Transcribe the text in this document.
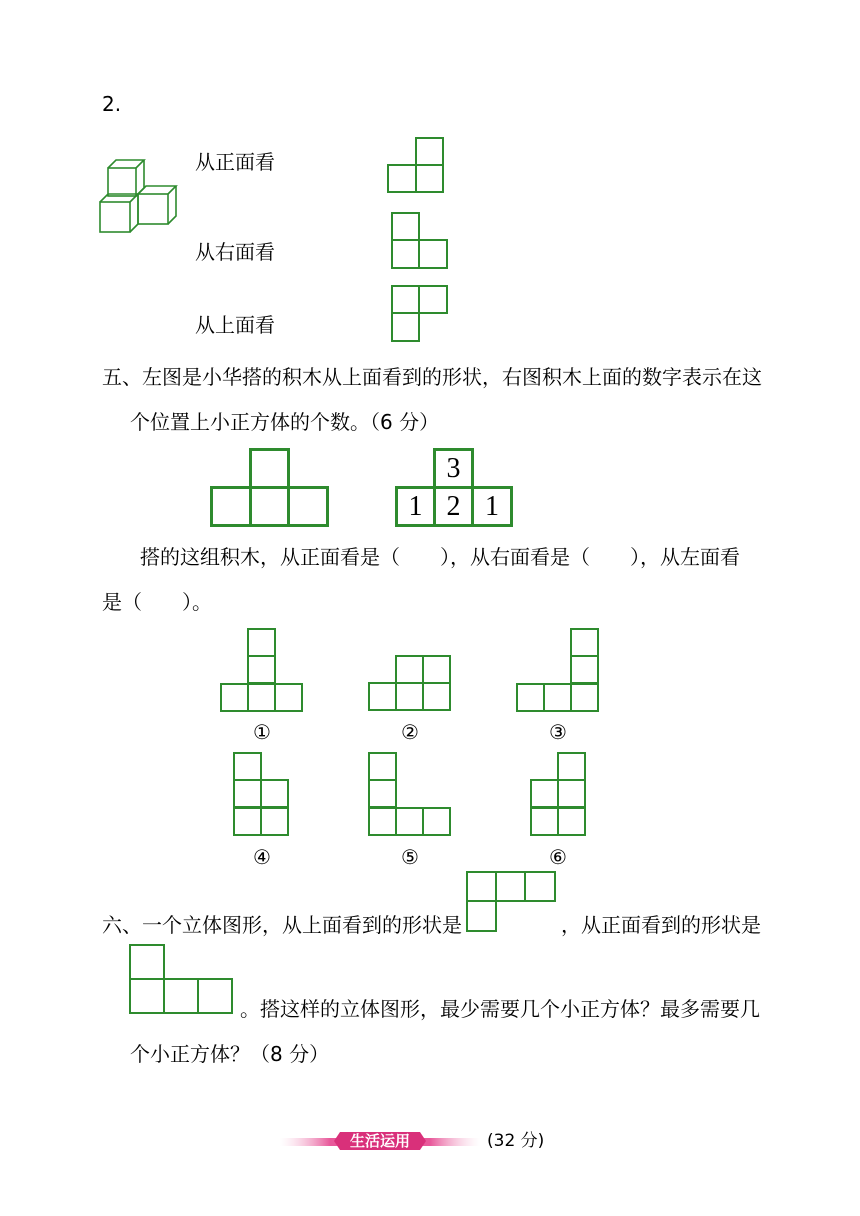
2.
从正面看
从右面看
从上面看
五、左图是小华搭的积木从上面看到的形状，右图积木上面的数字表示在这
个位置上小正方体的个数。（6 分）
3
1 2 1
搭的这组积木，从正面看是（　　），从右面看是（　　），从左面看
是（　　）。
①	②	③
④	⑤	⑥
六、一个立体图形，从上面看到的形状是	，从正面看到的形状是
。搭这样的立体图形，最少需要几个小正方体？最多需要几
个小正方体？（8 分）
生活运用	(32 分)
